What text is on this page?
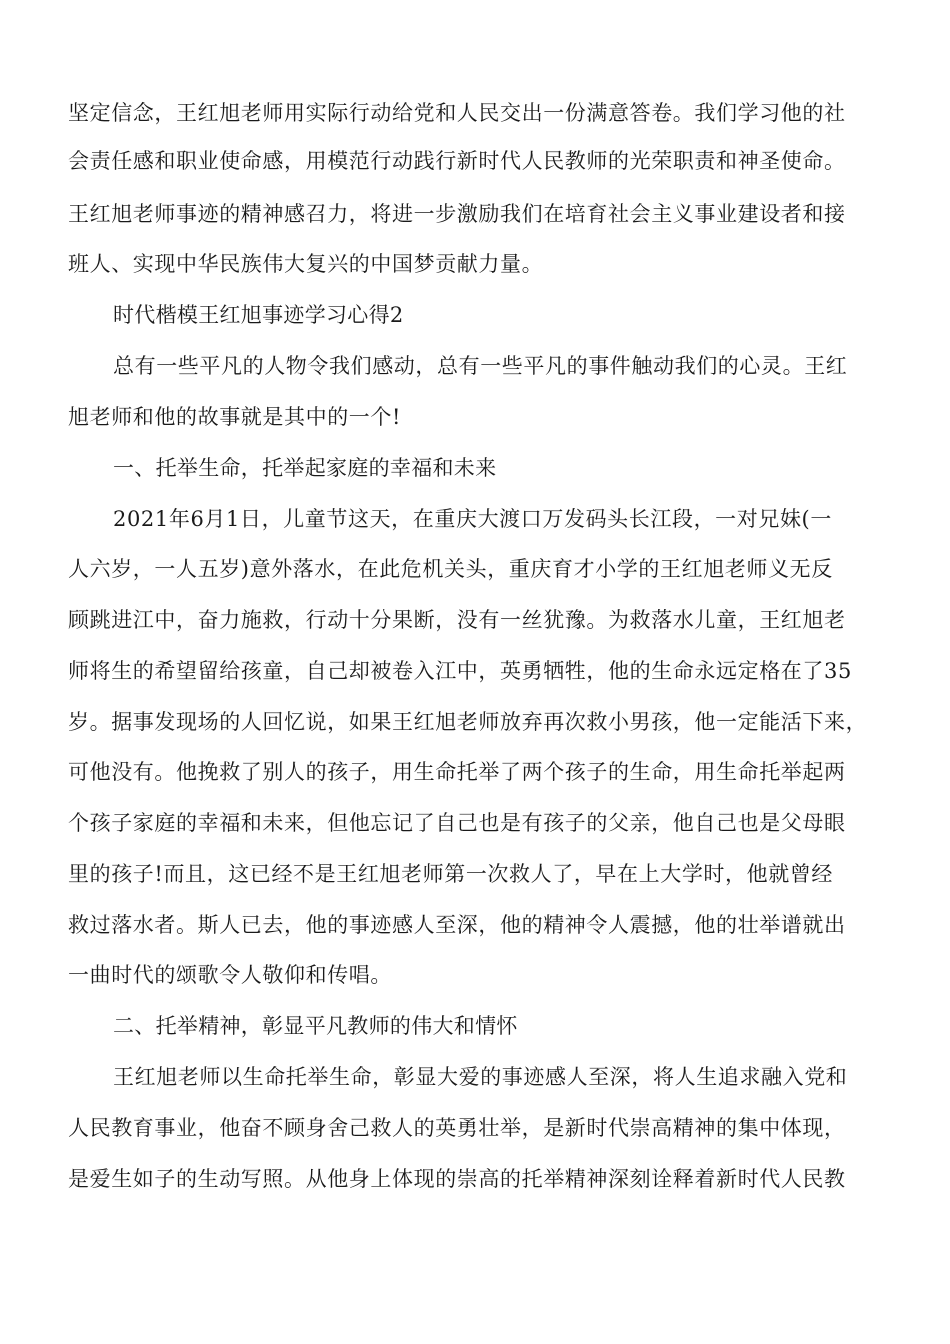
坚定信念，王红旭老师用实际行动给党和人民交出一份满意答卷。我们学习他的社
会责任感和职业使命感，用模范行动践行新时代人民教师的光荣职责和神圣使命。
王红旭老师事迹的精神感召力，将进一步激励我们在培育社会主义事业建设者和接
班人、实现中华民族伟大复兴的中国梦贡献力量。
时代楷模王红旭事迹学习心得2
总有一些平凡的人物令我们感动，总有一些平凡的事件触动我们的心灵。王红
旭老师和他的故事就是其中的一个!
一、托举生命，托举起家庭的幸福和未来
2021年6月1日，儿童节这天，在重庆大渡口万发码头长江段，一对兄妹(一
人六岁，一人五岁)意外落水，在此危机关头，重庆育才小学的王红旭老师义无反
顾跳进江中，奋力施救，行动十分果断，没有一丝犹豫。为救落水儿童，王红旭老
师将生的希望留给孩童，自己却被卷入江中，英勇牺牲，他的生命永远定格在了35
岁。据事发现场的人回忆说，如果王红旭老师放弃再次救小男孩，他一定能活下来，
可他没有。他挽救了别人的孩子，用生命托举了两个孩子的生命，用生命托举起两
个孩子家庭的幸福和未来，但他忘记了自己也是有孩子的父亲，他自己也是父母眼
里的孩子!而且，这已经不是王红旭老师第一次救人了，早在上大学时，他就曾经
救过落水者。斯人已去，他的事迹感人至深，他的精神令人震撼，他的壮举谱就出
一曲时代的颂歌令人敬仰和传唱。
二、托举精神，彰显平凡教师的伟大和情怀
王红旭老师以生命托举生命，彰显大爱的事迹感人至深，将人生追求融入党和
人民教育事业，他奋不顾身舍己救人的英勇壮举，是新时代崇高精神的集中体现，
是爱生如子的生动写照。从他身上体现的崇高的托举精神深刻诠释着新时代人民教
